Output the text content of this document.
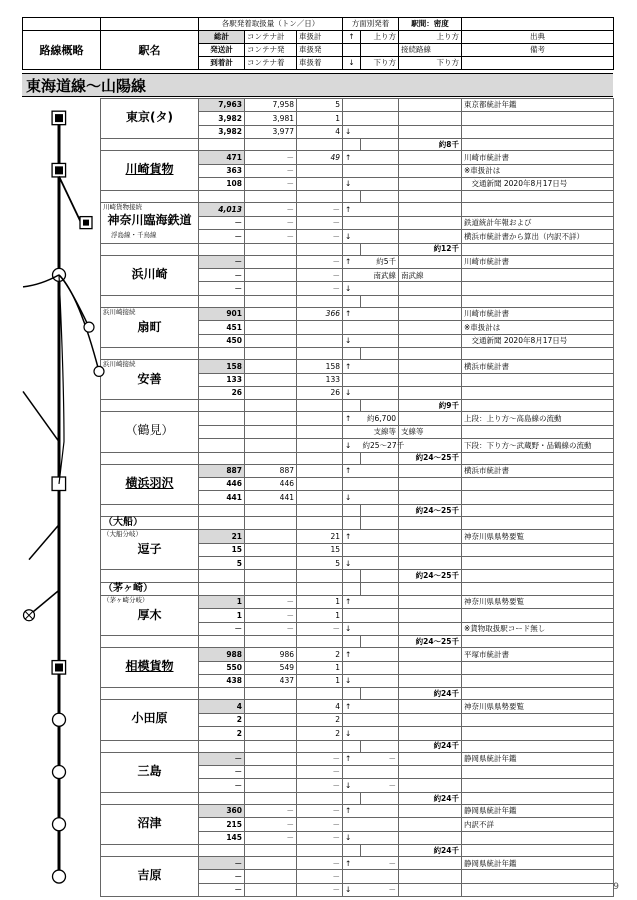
		各駅発着取扱量（トン／日）			方面別発着		駅間：密度	
路線概略	駅名	総計	コンテナ計	車扱計	↑	上り方	上り方	出典
		発送計	コンテナ発	車扱発			接続路線	備考
		到着計	コンテナ着	車扱着	↓	下り方	下り方	
東海道線～山陽線
東京(タ)	7,963	7,958	5				東京都統計年鑑
	3,982	3,981	1				
	3,982	3,977	4	↓			
						約8千	

川崎貨物	471	－	49	↑			川崎市統計書
	363	－					※車扱計は
	108	－		↓			　交通新聞 2020年8月17日号

川崎貨物接続
神奈川臨海鉄道
浮島線・千鳥線	4,013	－	－	↑			
	－	－	－				鉄道統計年報および
	－	－	－	↓			横浜市統計書から算出（内訳不詳）
						約12千	

浜川崎	－		－	↑	約5千		川崎市統計書
	－		－		南武線	南武線	
	－		－	↓			

浜川崎接続
扇町	901		366	↑			川崎市統計書
	451						※車扱計は
	450			↓			　交通新聞 2020年8月17日号

浜川崎接続
安善	158		158	↑			横浜市統計書
	133		133				
	26		26	↓			
						約9千	

（鶴見）				↑	約6,700		上段：上り方～高島線の流動
					支線等	支線等	
				↓	約25～27千		下段：下り方～武蔵野・品鶴線の流動
						約24～25千	

横浜羽沢	887	887		↑			横浜市統計書
	446	446					
	441	441		↓			
						約24～25千	
（大船）							

（大船分岐）
逗子	21		21	↑			神奈川県県勢要覧
	15		15				
	5		5	↓			
						約24～25千	
（茅ヶ崎）							

（茅ヶ崎分岐）
厚木	1	－	1	↑			神奈川県県勢要覧
	1	－	1				
	－	－	－	↓			※貨物取扱駅コード無し
						約24～25千	

相模貨物	988	986	2	↑			平塚市統計書
	550	549	1				
	438	437	1	↓			
						約24千	

小田原	4		4	↑			神奈川県県勢要覧
	2		2				
	2		2	↓			
						約24千	

三島	－		－	↑	－		静岡県統計年鑑
	－		－				
	－		－	↓	－		
						約24千	

沼津	360	－	－	↑			静岡県統計年鑑
	215	－	－				内訳不詳
	145	－	－	↓			
						約24千	

吉原	－		－	↑	－		静岡県統計年鑑
	－		－				
	－		－	↓	－			9
